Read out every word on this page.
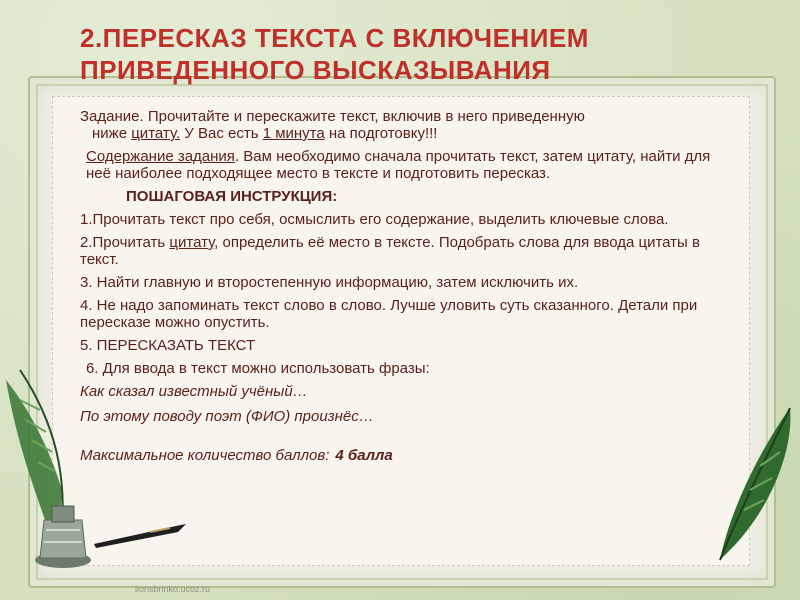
2.ПЕРЕСКАЗ ТЕКСТА С ВКЛЮЧЕНИЕМ ПРИВЕДЕННОГО ВЫСКАЗЫВАНИЯ

Задание. Прочитайте и перескажите текст, включив в него приведенную
ниже цитату. У Вас есть 1 минута на подготовку!!!

Содержание задания. Вам необходимо сначала прочитать текст, затем цитату, найти для неё наиболее подходящее место в тексте и подготовить пересказ.

ПОШАГОВАЯ ИНСТРУКЦИЯ:

1.Прочитать текст про себя, осмыслить его содержание, выделить ключевые слова.

2.Прочитать цитату, определить её место в тексте. Подобрать слова для ввода цитаты в текст.

3. Найти главную и второстепенную информацию, затем исключить их.

4. Не надо запоминать текст слово в слово. Лучше уловить суть сказанного. Детали при пересказе можно опустить.

5. ПЕРЕСКАЗАТЬ ТЕКСТ

6. Для ввода в текст можно использовать фразы:

Как сказал известный учёный…

По этому поводу поэт (ФИО) произнёс…

Максимальное количество баллов: 4 балла

lionsbrinko.ucoz.ru
